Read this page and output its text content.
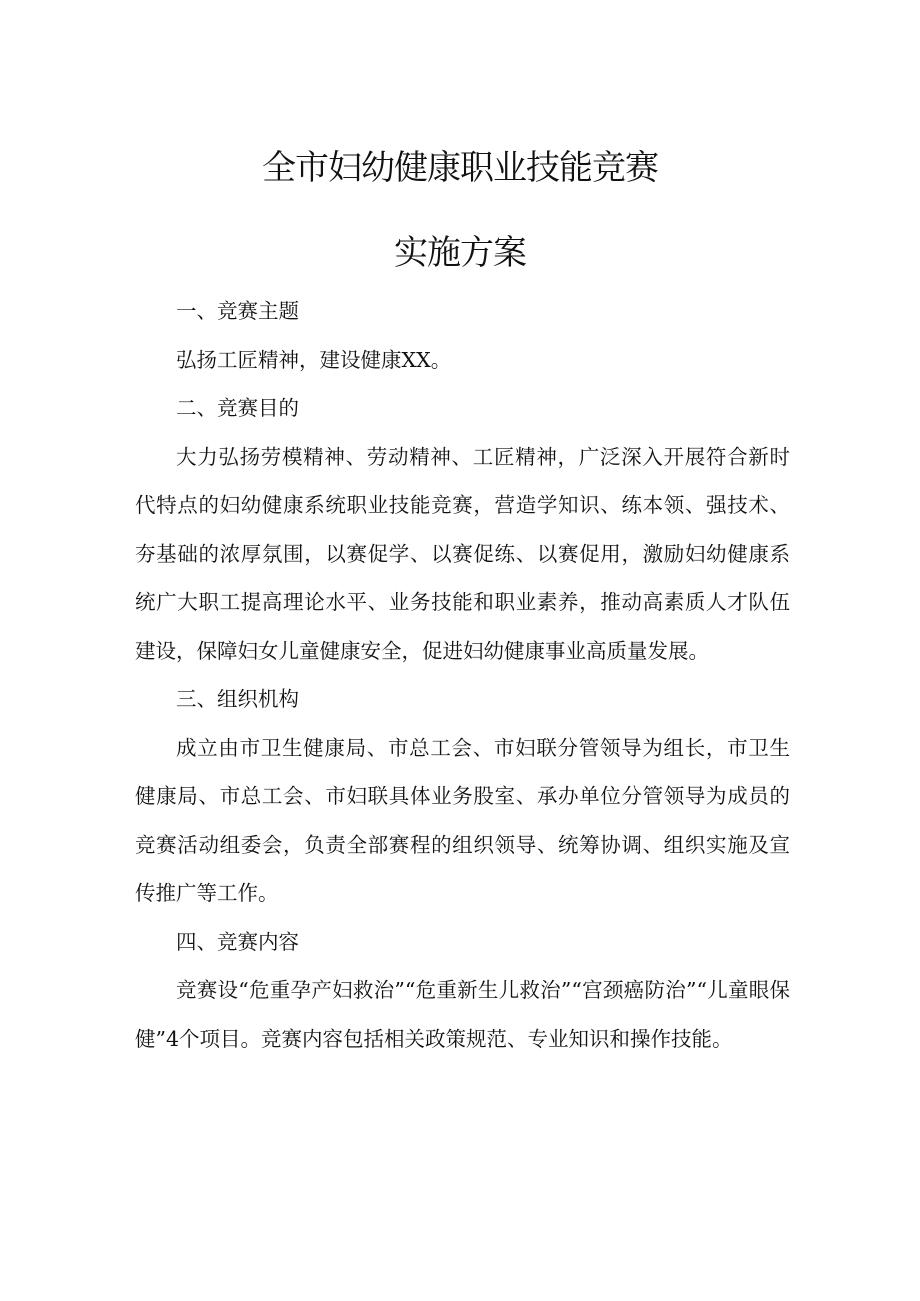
全市妇幼健康职业技能竞赛
实施方案

一、竞赛主题

弘扬工匠精神，建设健康XX。

二、竞赛目的

大力弘扬劳模精神、劳动精神、工匠精神，广泛深入开展符合新时代特点的妇幼健康系统职业技能竞赛，营造学知识、练本领、强技术、夯基础的浓厚氛围，以赛促学、以赛促练、以赛促用，激励妇幼健康系统广大职工提高理论水平、业务技能和职业素养，推动高素质人才队伍建设，保障妇女儿童健康安全，促进妇幼健康事业高质量发展。

三、组织机构

成立由市卫生健康局、市总工会、市妇联分管领导为组长，市卫生健康局、市总工会、市妇联具体业务股室、承办单位分管领导为成员的竞赛活动组委会，负责全部赛程的组织领导、统筹协调、组织实施及宣传推广等工作。

四、竞赛内容

竞赛设“危重孕产妇救治”“危重新生儿救治”“宫颈癌防治”“儿童眼保健”4个项目。竞赛内容包括相关政策规范、专业知识和操作技能。
